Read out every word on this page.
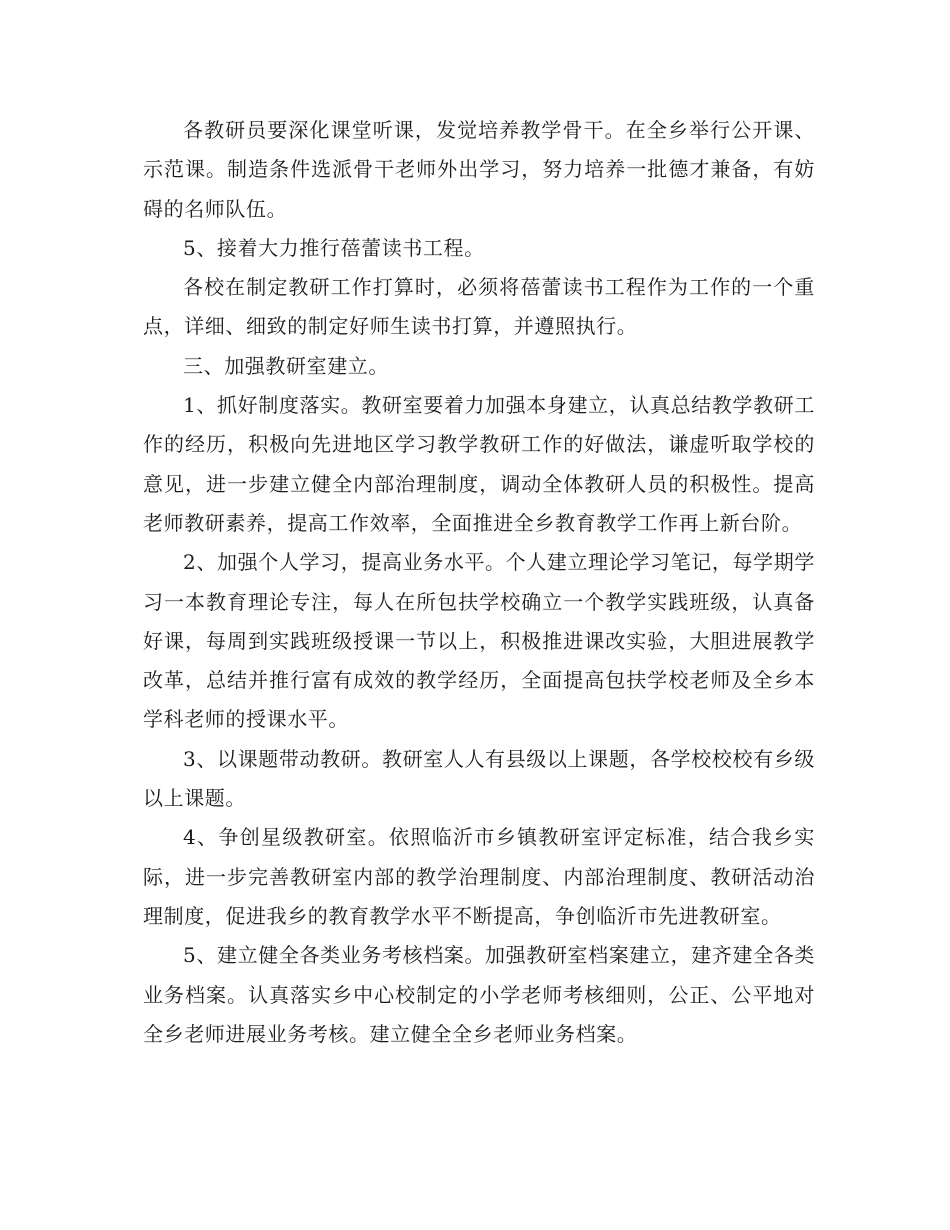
各教研员要深化课堂听课，发觉培养教学骨干。在全乡举行公开课、示范课。制造条件选派骨干老师外出学习，努力培养一批德才兼备，有妨碍的名师队伍。

5、接着大力推行蓓蕾读书工程。

各校在制定教研工作打算时，必须将蓓蕾读书工程作为工作的一个重点，详细、细致的制定好师生读书打算，并遵照执行。

三、加强教研室建立。

1、抓好制度落实。教研室要着力加强本身建立，认真总结教学教研工作的经历，积极向先进地区学习教学教研工作的好做法，谦虚听取学校的意见，进一步建立健全内部治理制度，调动全体教研人员的积极性。提高老师教研素养，提高工作效率，全面推进全乡教育教学工作再上新台阶。

2、加强个人学习，提高业务水平。个人建立理论学习笔记，每学期学习一本教育理论专注，每人在所包扶学校确立一个教学实践班级，认真备好课，每周到实践班级授课一节以上，积极推进课改实验，大胆进展教学改革，总结并推行富有成效的教学经历，全面提高包扶学校老师及全乡本学科老师的授课水平。

3、以课题带动教研。教研室人人有县级以上课题，各学校校校有乡级以上课题。

4、争创星级教研室。依照临沂市乡镇教研室评定标准，结合我乡实际，进一步完善教研室内部的教学治理制度、内部治理制度、教研活动治理制度，促进我乡的教育教学水平不断提高，争创临沂市先进教研室。

5、建立健全各类业务考核档案。加强教研室档案建立，建齐建全各类业务档案。认真落实乡中心校制定的小学老师考核细则，公正、公平地对全乡老师进展业务考核。建立健全全乡老师业务档案。
